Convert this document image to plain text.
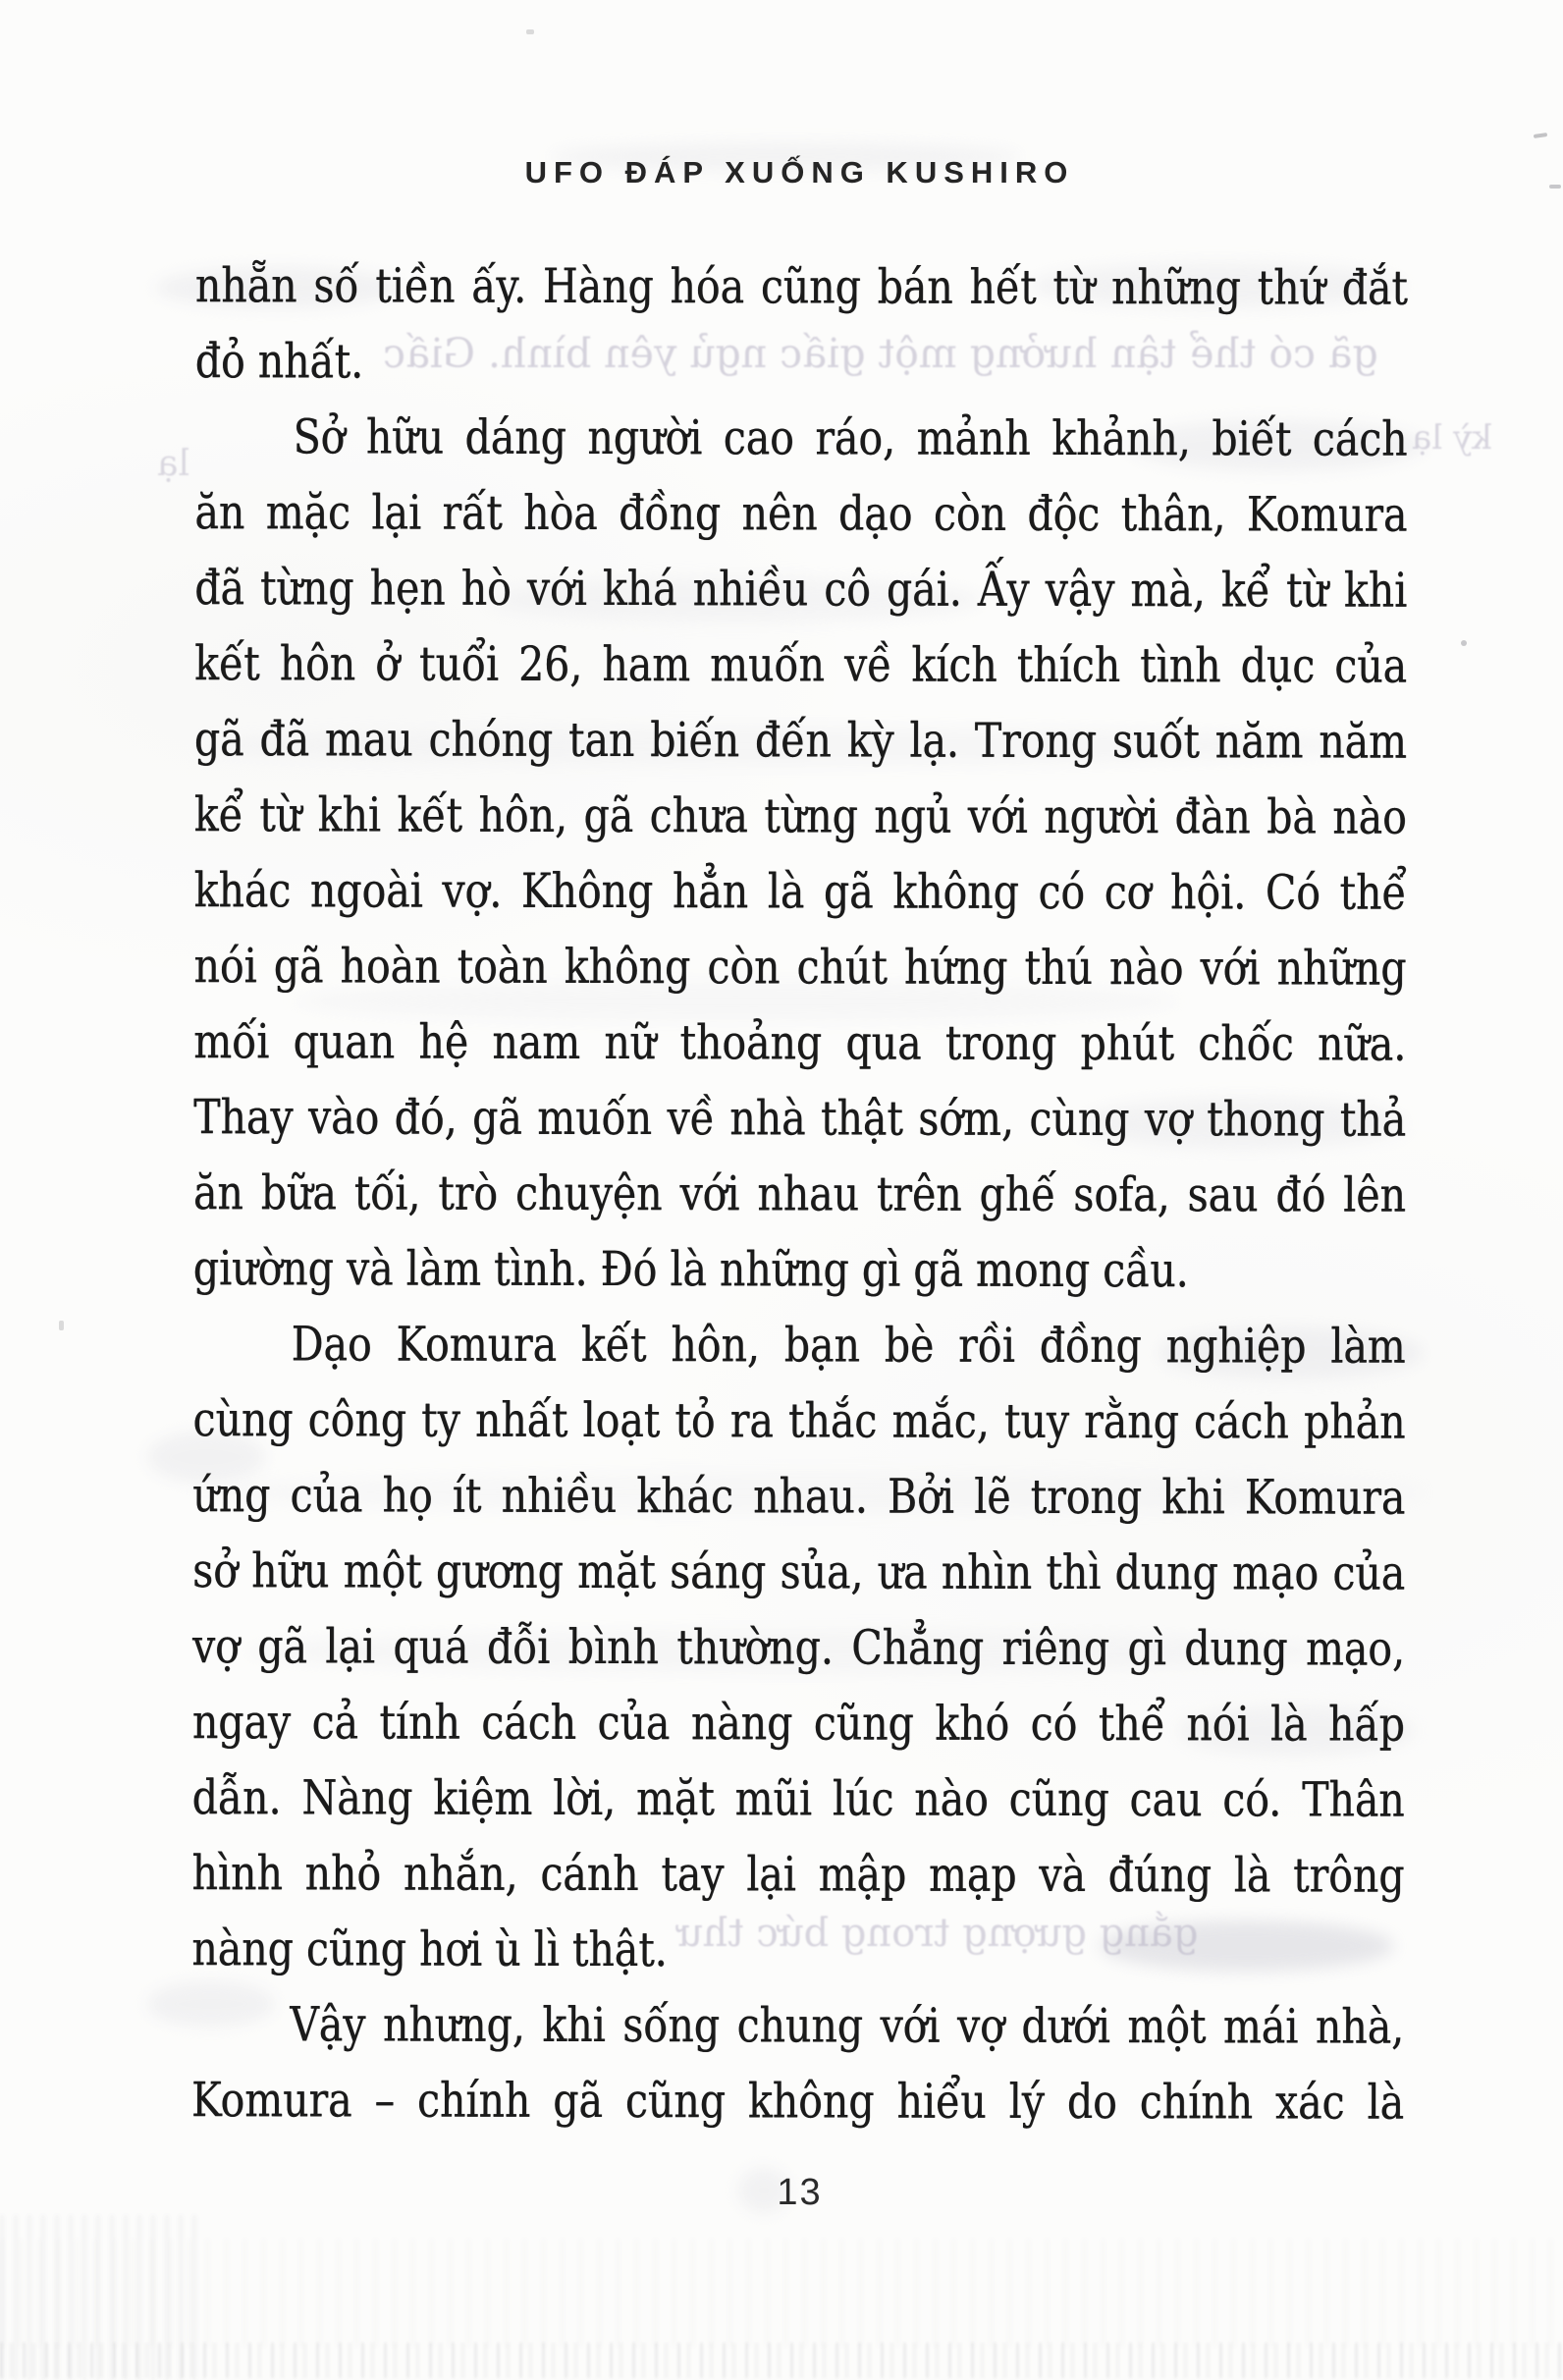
gã có thể tận hưởng một giấc ngủ yên bình. Giấc
gắng gượng trong bức thư
lạ
kỳ lạ
UFO ĐÁP XUỐNG KUSHIRO
nhẵn số tiền ấy. Hàng hóa cũng bán hết từ những thứ đắt
đỏ nhất.
Sở hữu dáng người cao ráo, mảnh khảnh, biết cách
ăn mặc lại rất hòa đồng nên dạo còn độc thân, Komura
đã từng hẹn hò với khá nhiều cô gái. Ấy vậy mà, kể từ khi
kết hôn ở tuổi 26, ham muốn về kích thích tình dục của
gã đã mau chóng tan biến đến kỳ lạ. Trong suốt năm năm
kể từ khi kết hôn, gã chưa từng ngủ với người đàn bà nào
khác ngoài vợ. Không hẳn là gã không có cơ hội. Có thể
nói gã hoàn toàn không còn chút hứng thú nào với những
mối quan hệ nam nữ thoảng qua trong phút chốc nữa.
Thay vào đó, gã muốn về nhà thật sớm, cùng vợ thong thả
ăn bữa tối, trò chuyện với nhau trên ghế sofa, sau đó lên
giường và làm tình. Đó là những gì gã mong cầu.
Dạo Komura kết hôn, bạn bè rồi đồng nghiệp làm
cùng công ty nhất loạt tỏ ra thắc mắc, tuy rằng cách phản
ứng của họ ít nhiều khác nhau. Bởi lẽ trong khi Komura
sở hữu một gương mặt sáng sủa, ưa nhìn thì dung mạo của
vợ gã lại quá đỗi bình thường. Chẳng riêng gì dung mạo,
ngay cả tính cách của nàng cũng khó có thể nói là hấp
dẫn. Nàng kiệm lời, mặt mũi lúc nào cũng cau có. Thân
hình nhỏ nhắn, cánh tay lại mập mạp và đúng là trông
nàng cũng hơi ù lì thật.
Vậy nhưng, khi sống chung với vợ dưới một mái nhà,
Komura – chính gã cũng không hiểu lý do chính xác là
13
